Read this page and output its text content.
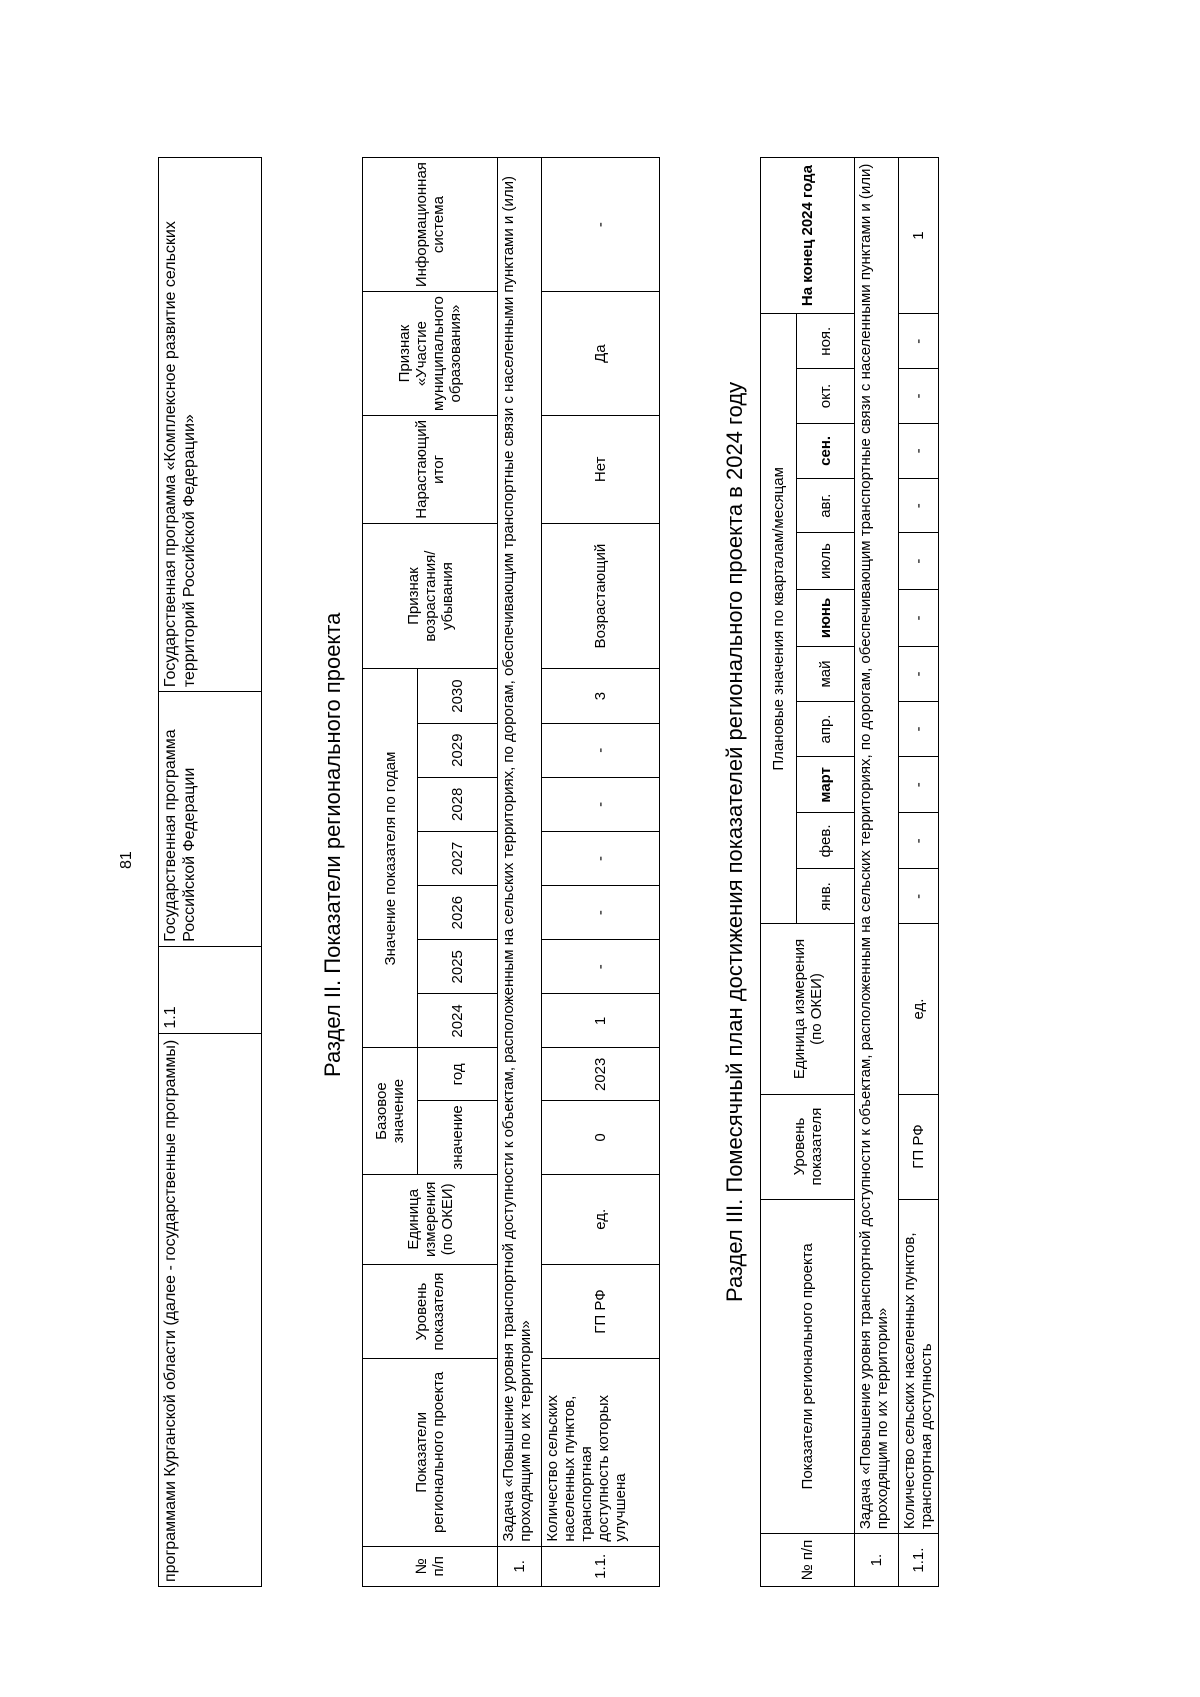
81
программами Курганской области (далее - государственные программы)	1.1	Государственная программа Российской Федерации	Государственная программа «Комплексное развитие сельских территорий Российской Федерации»
Раздел II. Показатели регионального проекта
№ п/п	Показатели регионального проекта	Уровень показателя	Единица измерения (по ОКЕИ)	Базовое значение		Значение показателя по годам							Признак возрастания/ убывания	Нарастающий итог	Признак «Участие муниципального образования»	Информационная система
				значение	год	2024	2025	2026	2027	2028	2029	2030				
1.	Задача «Повышение уровня транспортной доступности к объектам, расположенным на сельских территориях, по дорогам, обеспечивающим транспортные связи с населенными пунктами и (или) проходящим по их территории»															
1.1.	Количество сельских населенных пунктов, транспортная доступность которых улучшена	ГП РФ	ед.	0	2023	1	-	-	-	-	-	3	Возрастающий	Нет	Да	-
Раздел III. Помесячный план достижения показателей регионального проекта в 2024 году
№ п/п	Показатели регионального проекта	Уровень показателя	Единица измерения (по ОКЕИ)	Плановые значения по кварталам/месяцам											На конец 2024 года
				янв.	фев.	март	апр.	май	июнь	июль	авг.	сен.	окт.	ноя.	
1.	Задача «Повышение уровня транспортной доступности к объектам, расположенным на сельских территориях, по дорогам, обеспечивающим транспортные связи с населенными пунктами и (или) проходящим по их территории»														
1.1.	Количество сельских населенных пунктов, транспортная доступность	ГП РФ	ед.	-	-	-	-	-	-	-	-	-	-	-	1
